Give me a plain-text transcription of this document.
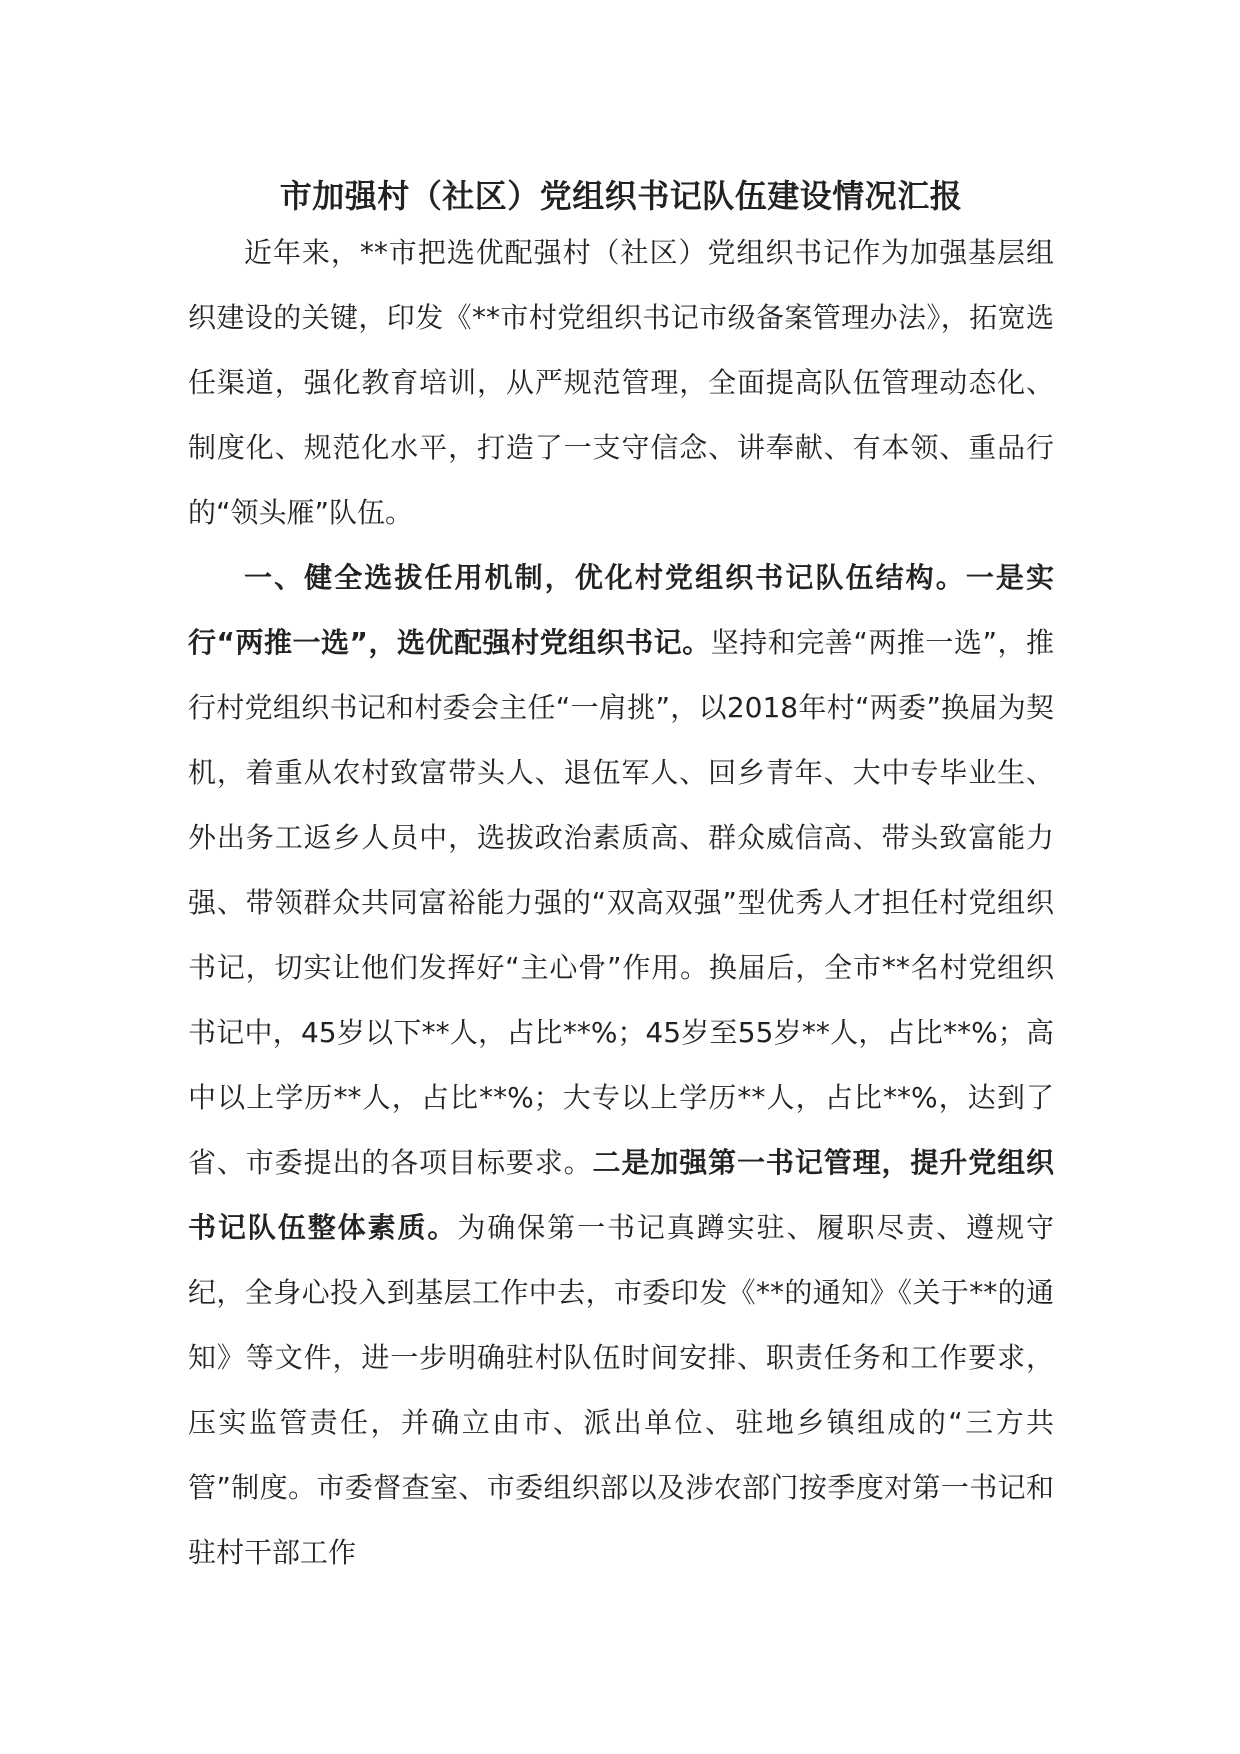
市加强村（社区）党组织书记队伍建设情况汇报

近年来，**市把选优配强村（社区）党组织书记作为加强基层组织建设的关键，印发《**市村党组织书记市级备案管理办法》，拓宽选任渠道，强化教育培训，从严规范管理，全面提高队伍管理动态化、制度化、规范化水平，打造了一支守信念、讲奉献、有本领、重品行的“领头雁”队伍。

一、健全选拔任用机制，优化村党组织书记队伍结构。一是实行“两推一选”，选优配强村党组织书记。坚持和完善“两推一选”，推行村党组织书记和村委会主任“一肩挑”，以2018年村“两委”换届为契机，着重从农村致富带头人、退伍军人、回乡青年、大中专毕业生、外出务工返乡人员中，选拔政治素质高、群众威信高、带头致富能力强、带领群众共同富裕能力强的“双高双强”型优秀人才担任村党组织书记，切实让他们发挥好“主心骨”作用。换届后，全市**名村党组织书记中，45岁以下**人，占比**%；45岁至55岁**人，占比**%；高中以上学历**人，占比**%；大专以上学历**人，占比**%，达到了省、市委提出的各项目标要求。二是加强第一书记管理，提升党组织书记队伍整体素质。为确保第一书记真蹲实驻、履职尽责、遵规守纪，全身心投入到基层工作中去，市委印发《**的通知》《关于**的通知》等文件，进一步明确驻村队伍时间安排、职责任务和工作要求，压实监管责任，并确立由市、派出单位、驻地乡镇组成的“三方共管”制度。市委督查室、市委组织部以及涉农部门按季度对第一书记和驻村干部工作
